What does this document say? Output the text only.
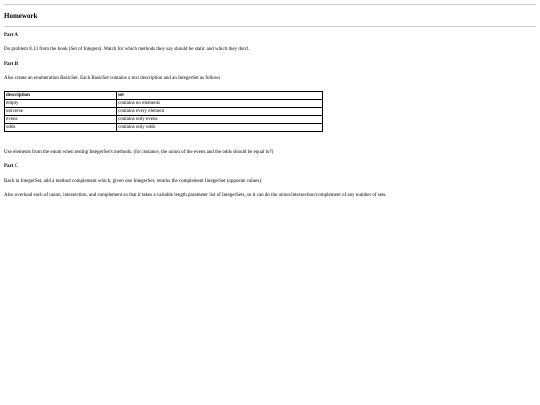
Homework
Part A

Do problem 8.13 from the book (Set of Integers). Watch for which methods they say should be static and which they don't.

Part B

Also create an enumeration BasicSet. Each BasicSet contains a text description and an IntegerSet as follows

description	set
empty	contains no elements
universe	contains every element
evens	contains only evens
odds	contains only odds

Use elements from the enum when testing IntegerSet's methods. (for instance, the union of the evens and the odds should be equal to?)

Part C

Back in IntegerSet, add a method complement which, given one IntegerSet, returns the complement IntegerSet (opposite values).

Also overload each of union, intersection, and complement so that it takes a variable length parameter list of IntegerSets, so it can do the union/intersection/complement of any number of sets.
